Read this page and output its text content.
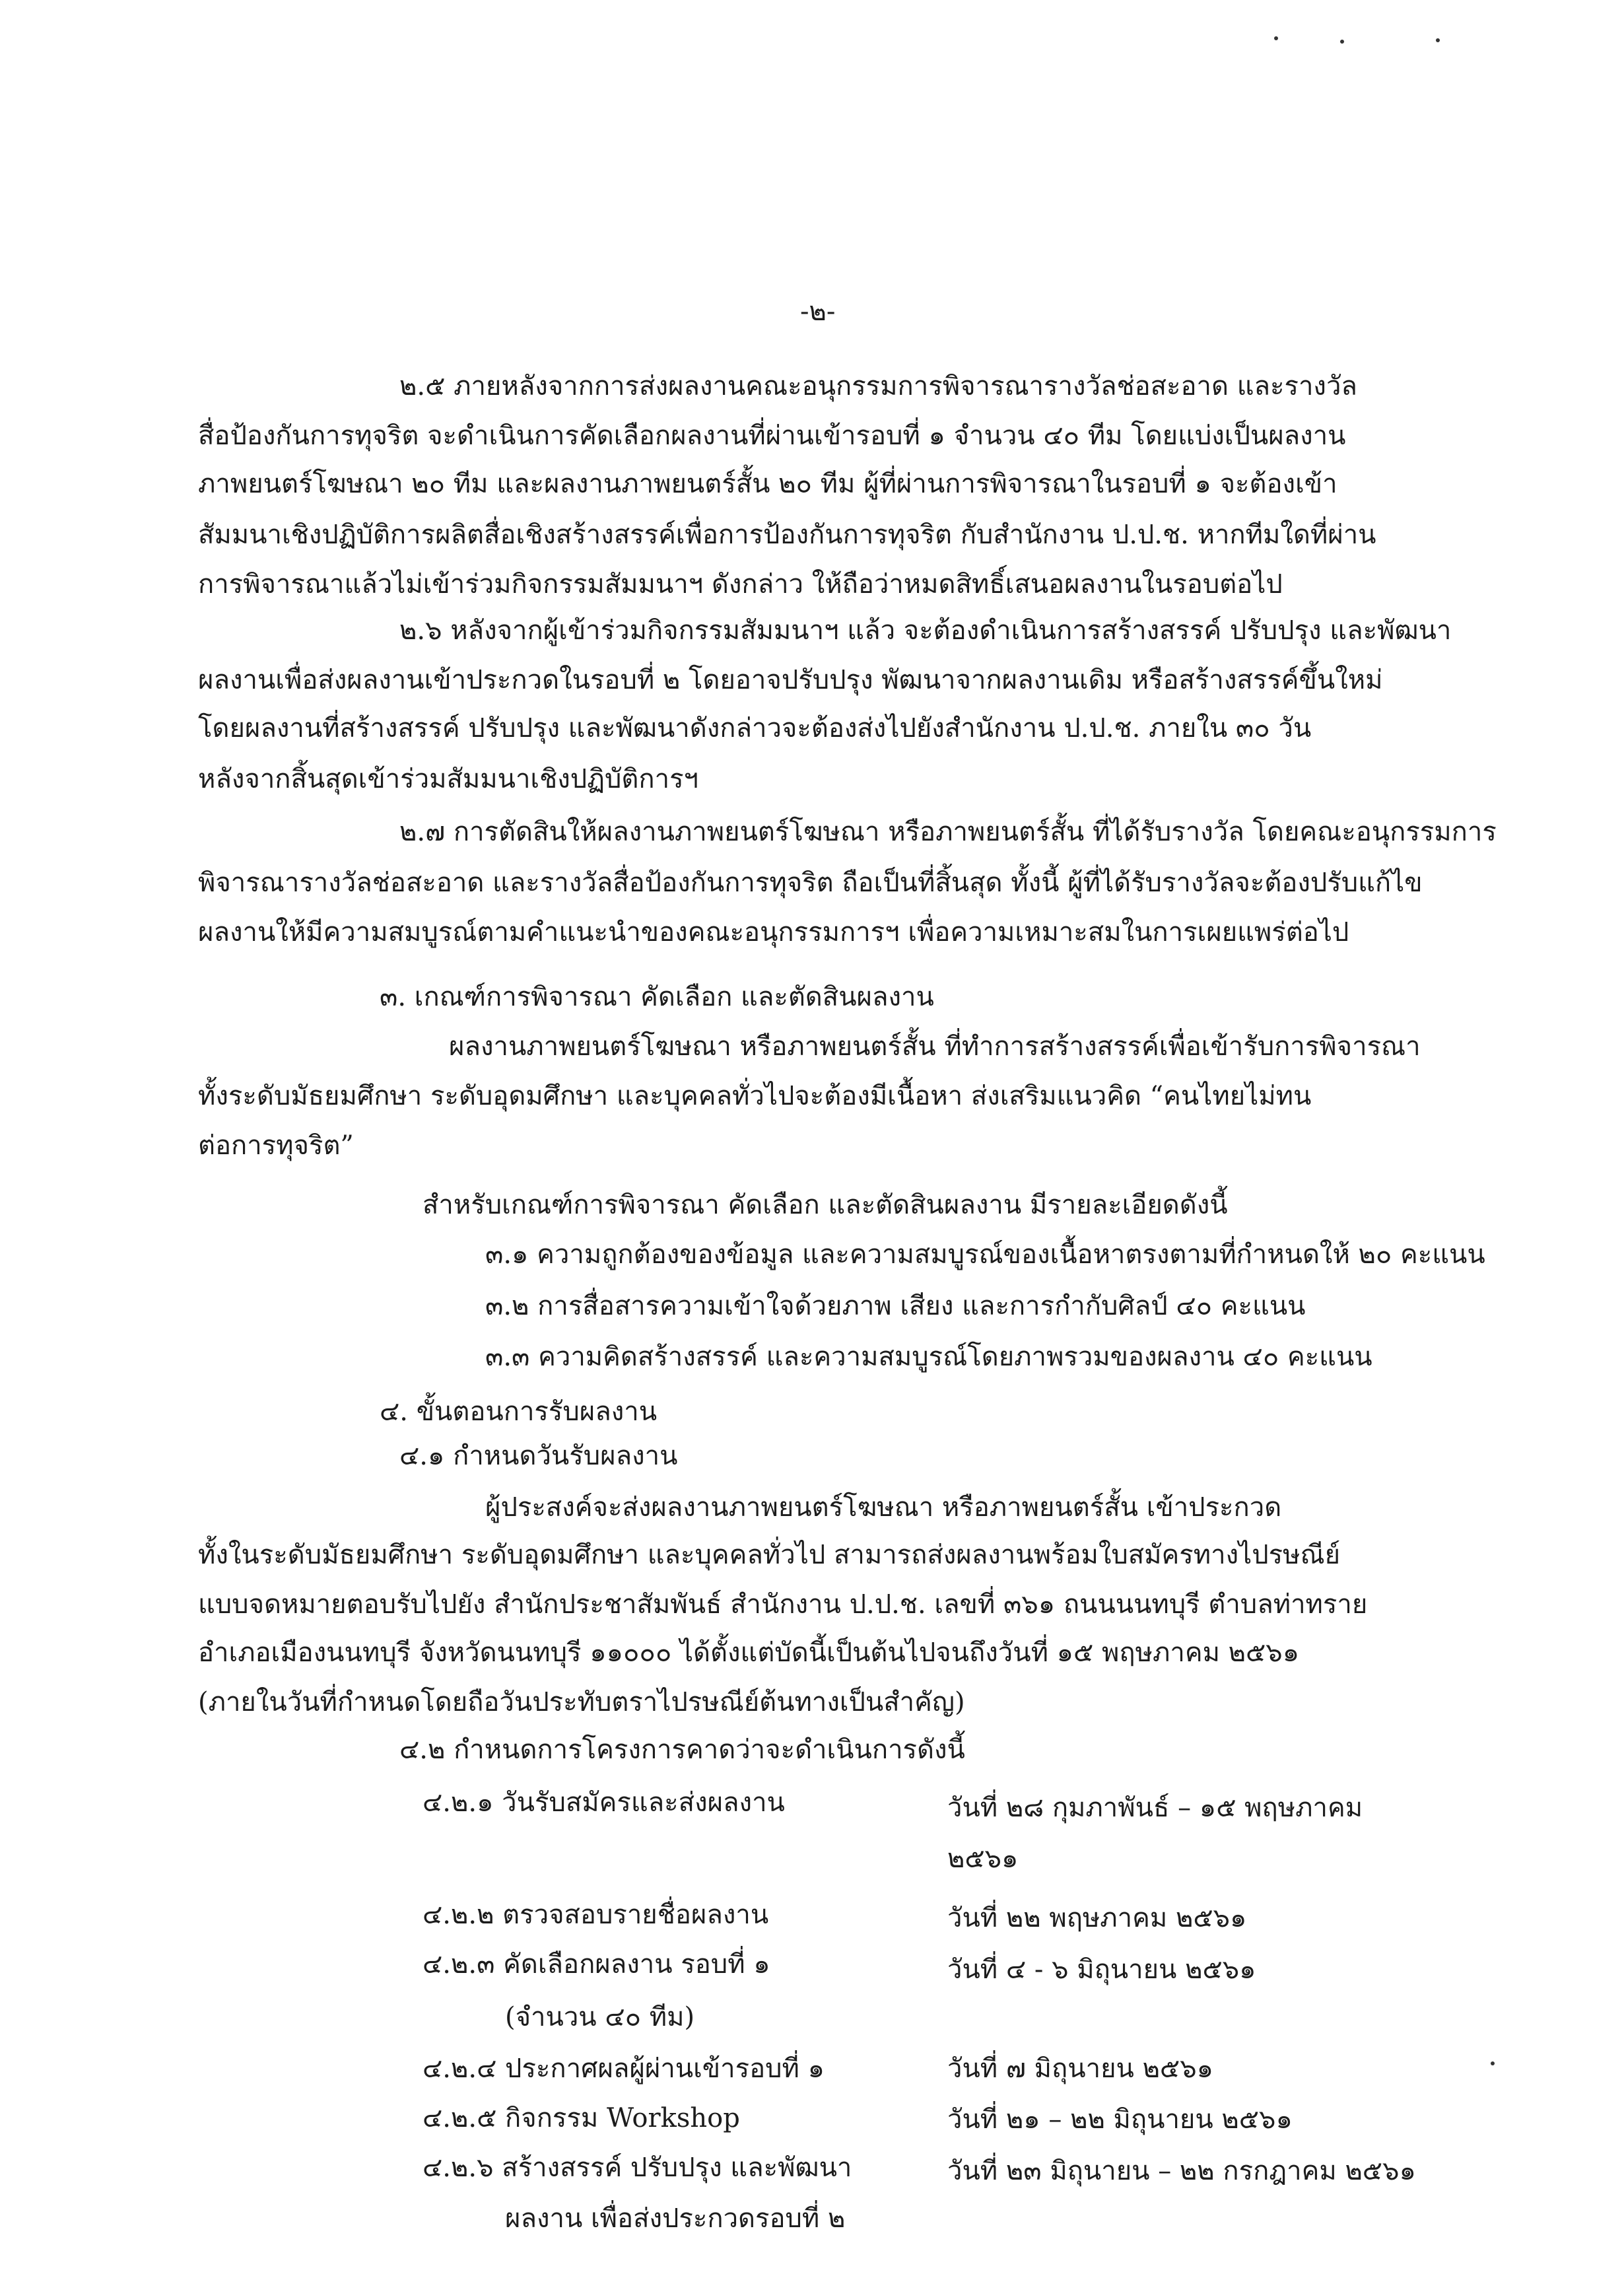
-๒-
๒.๕ ภายหลังจากการส่งผลงานคณะอนุกรรมการพิจารณารางวัลช่อสะอาด และรางวัล
สื่อป้องกันการทุจริต จะดำเนินการคัดเลือกผลงานที่ผ่านเข้ารอบที่ ๑ จำนวน ๔๐ ทีม โดยแบ่งเป็นผลงาน
ภาพยนตร์โฆษณา ๒๐ ทีม และผลงานภาพยนตร์สั้น ๒๐ ทีม ผู้ที่ผ่านการพิจารณาในรอบที่ ๑ จะต้องเข้า
สัมมนาเชิงปฏิบัติการผลิตสื่อเชิงสร้างสรรค์เพื่อการป้องกันการทุจริต กับสำนักงาน ป.ป.ช. หากทีมใดที่ผ่าน
การพิจารณาแล้วไม่เข้าร่วมกิจกรรมสัมมนาฯ ดังกล่าว ให้ถือว่าหมดสิทธิ์เสนอผลงานในรอบต่อไป
๒.๖ หลังจากผู้เข้าร่วมกิจกรรมสัมมนาฯ แล้ว จะต้องดำเนินการสร้างสรรค์ ปรับปรุง และพัฒนา
ผลงานเพื่อส่งผลงานเข้าประกวดในรอบที่ ๒ โดยอาจปรับปรุง พัฒนาจากผลงานเดิม หรือสร้างสรรค์ขึ้นใหม่
โดยผลงานที่สร้างสรรค์ ปรับปรุง และพัฒนาดังกล่าวจะต้องส่งไปยังสำนักงาน ป.ป.ช. ภายใน ๓๐ วัน
หลังจากสิ้นสุดเข้าร่วมสัมมนาเชิงปฏิบัติการฯ
๒.๗ การตัดสินให้ผลงานภาพยนตร์โฆษณา หรือภาพยนตร์สั้น ที่ได้รับรางวัล โดยคณะอนุกรรมการ
พิจารณารางวัลช่อสะอาด และรางวัลสื่อป้องกันการทุจริต ถือเป็นที่สิ้นสุด ทั้งนี้ ผู้ที่ได้รับรางวัลจะต้องปรับแก้ไข
ผลงานให้มีความสมบูรณ์ตามคำแนะนำของคณะอนุกรรมการฯ เพื่อความเหมาะสมในการเผยแพร่ต่อไป
๓. เกณฑ์การพิจารณา คัดเลือก และตัดสินผลงาน
ผลงานภาพยนตร์โฆษณา หรือภาพยนตร์สั้น ที่ทำการสร้างสรรค์เพื่อเข้ารับการพิจารณา
ทั้งระดับมัธยมศึกษา ระดับอุดมศึกษา และบุคคลทั่วไปจะต้องมีเนื้อหา ส่งเสริมแนวคิด “คนไทยไม่ทน
ต่อการทุจริต”
สำหรับเกณฑ์การพิจารณา คัดเลือก และตัดสินผลงาน มีรายละเอียดดังนี้
๓.๑ ความถูกต้องของข้อมูล และความสมบูรณ์ของเนื้อหาตรงตามที่กำหนดให้ ๒๐ คะแนน
๓.๒ การสื่อสารความเข้าใจด้วยภาพ เสียง และการกำกับศิลป์ ๔๐ คะแนน
๓.๓ ความคิดสร้างสรรค์ และความสมบูรณ์โดยภาพรวมของผลงาน ๔๐ คะแนน
๔. ขั้นตอนการรับผลงาน
๔.๑ กำหนดวันรับผลงาน
ผู้ประสงค์จะส่งผลงานภาพยนตร์โฆษณา หรือภาพยนตร์สั้น เข้าประกวด
ทั้งในระดับมัธยมศึกษา ระดับอุดมศึกษา และบุคคลทั่วไป สามารถส่งผลงานพร้อมใบสมัครทางไปรษณีย์
แบบจดหมายตอบรับไปยัง สำนักประชาสัมพันธ์ สำนักงาน ป.ป.ช. เลขที่ ๓๖๑ ถนนนนทบุรี ตำบลท่าทราย
อำเภอเมืองนนทบุรี จังหวัดนนทบุรี ๑๑๐๐๐ ได้ตั้งแต่บัดนี้เป็นต้นไปจนถึงวันที่ ๑๕ พฤษภาคม ๒๕๖๑
(ภายในวันที่กำหนดโดยถือวันประทับตราไปรษณีย์ต้นทางเป็นสำคัญ)
๔.๒ กำหนดการโครงการคาดว่าจะดำเนินการดังนี้
๔.๒.๑ วันรับสมัครและส่งผลงาน	วันที่ ๒๘ กุมภาพันธ์ – ๑๕ พฤษภาคม
๒๕๖๑
๔.๒.๒ ตรวจสอบรายชื่อผลงาน	วันที่ ๒๒ พฤษภาคม ๒๕๖๑
๔.๒.๓ คัดเลือกผลงาน รอบที่ ๑	วันที่ ๔ - ๖ มิถุนายน ๒๕๖๑
(จำนวน ๔๐ ทีม)
๔.๒.๔ ประกาศผลผู้ผ่านเข้ารอบที่ ๑	วันที่ ๗ มิถุนายน ๒๕๖๑
๔.๒.๕ กิจกรรม Workshop	วันที่ ๒๑ – ๒๒ มิถุนายน ๒๕๖๑
๔.๒.๖ สร้างสรรค์ ปรับปรุง และพัฒนา	วันที่ ๒๓ มิถุนายน – ๒๒ กรกฎาคม ๒๕๖๑
ผลงาน เพื่อส่งประกวดรอบที่ ๒
